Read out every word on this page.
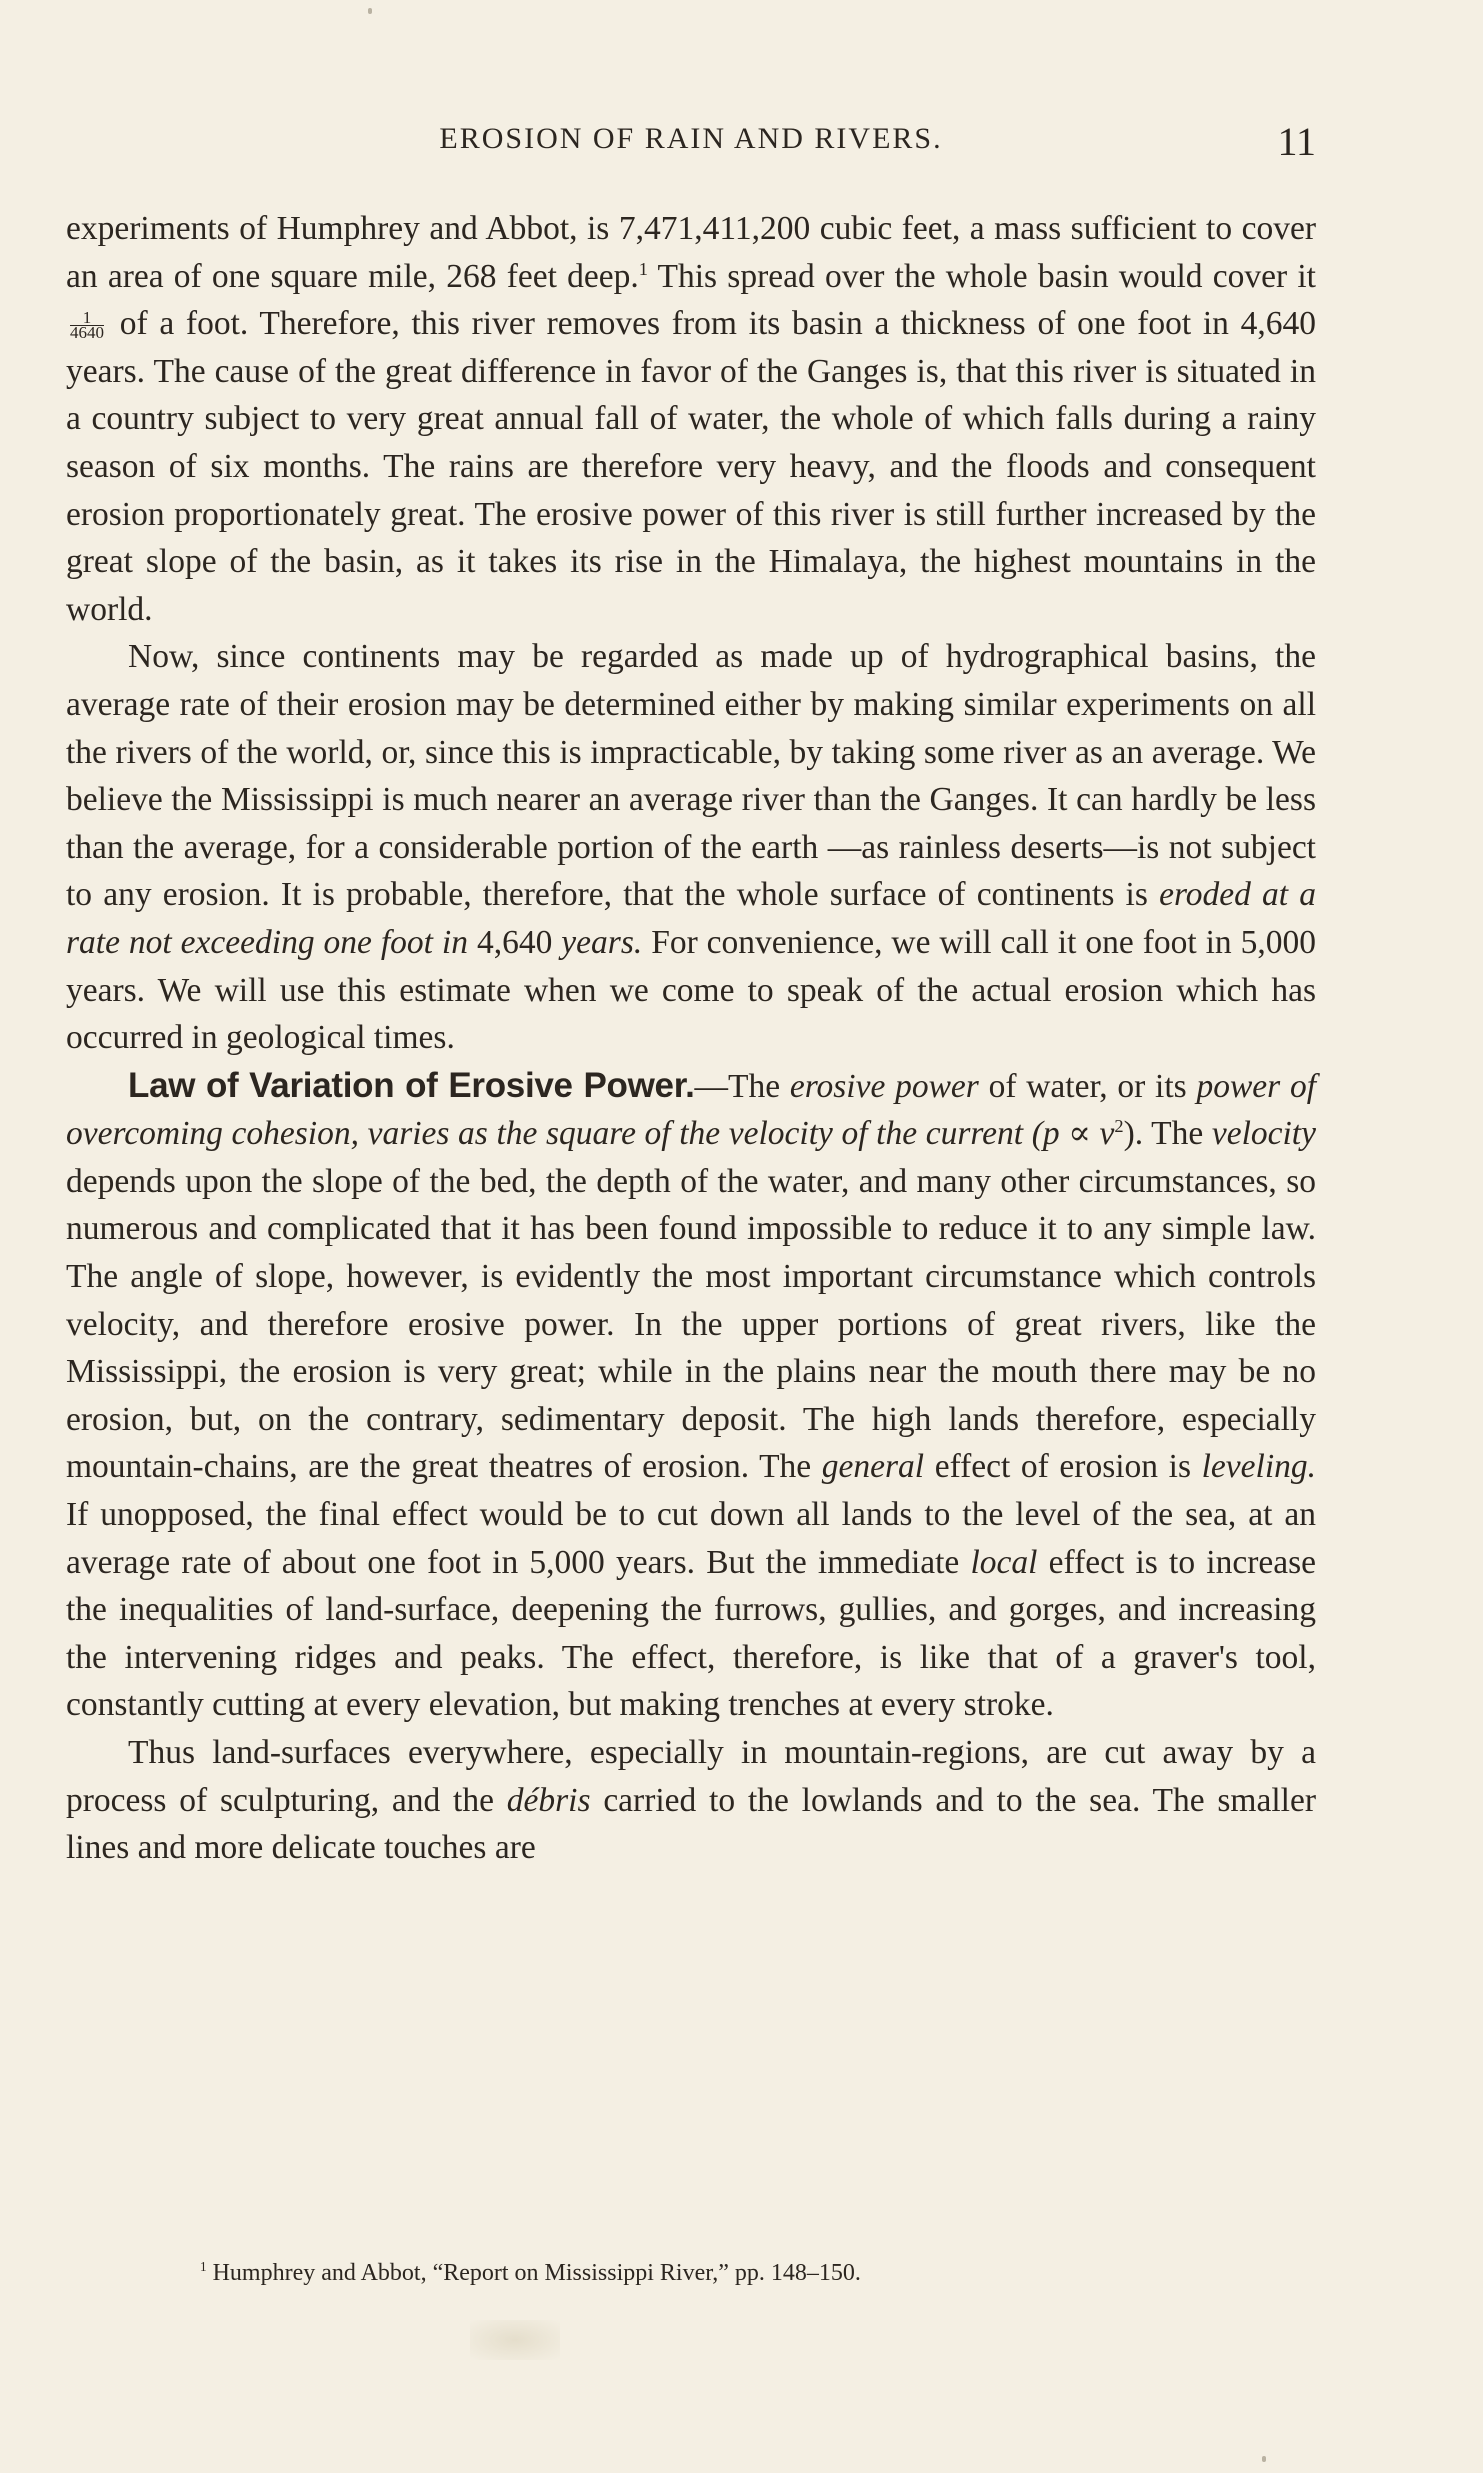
EROSION OF RAIN AND RIVERS.	11

experiments of Humphrey and Abbot, is 7,471,411,200 cubic feet, a mass sufficient to cover an area of one square mile, 268 feet deep.$^1$ This spread over the whole basin would cover it
$\frac{1}{4640}$ of a foot. Therefore, this river removes from its basin a thickness of one foot in 4,640 years. The cause of the great difference in favor of the Ganges is, that this river is situated in a country subject to very great annual fall of water, the whole of which falls during a rainy season of six months. The rains are therefore very heavy, and the floods and consequent erosion proportionately great. The erosive power of this river is still further increased by the great slope of the basin, as it takes its rise in the Himalaya, the highest mountains in the world.

Now, since continents may be regarded as made up of hydrographical basins, the average rate of their erosion may be determined either by making similar experiments on all the rivers of the world, or, since this is impracticable, by taking some river as an average. We believe the Mississippi is much nearer an average river than the Ganges. It can hardly be less than the average, for a considerable portion of the earth —as rainless deserts—is not subject to any erosion. It is probable, therefore, that the whole surface of continents is eroded at a rate not exceeding one foot in 4,640 years. For convenience, we will call it one foot in 5,000 years. We will use this estimate when we come to speak of the actual erosion which has occurred in geological times.

Law of Variation of Erosive Power.—The erosive power of water, or its power of overcoming cohesion, varies as the square of the velocity of the current $(p \propto v^2)$. The velocity depends upon the slope of the bed, the depth of the water, and many other circumstances, so numerous and complicated that it has been found impossible to reduce it to any simple law. The angle of slope, however, is evidently the most important circumstance which controls velocity, and therefore erosive power. In the upper portions of great rivers, like the Mississippi, the erosion is very great; while in the plains near the mouth there may be no erosion, but, on the contrary, sedimentary deposit. The high lands therefore, especially mountain-chains, are the great theatres of erosion. The general effect of erosion is leveling. If unopposed, the final effect would be to cut down all lands to the level of the sea, at an average rate of about one foot in 5,000 years. But the immediate local effect is to increase the inequalities of land-surface, deepening the furrows, gullies, and gorges, and increasing the intervening ridges and peaks. The effect, therefore, is like that of a graver's tool, constantly cutting at every elevation, but making trenches at every stroke.

Thus land-surfaces everywhere, especially in mountain-regions, are cut away by a process of sculpturing, and the débris carried to the lowlands and to the sea. The smaller lines and more delicate touches are

$^1$ Humphrey and Abbot, “Report on Mississippi River,” pp. 148–150.
